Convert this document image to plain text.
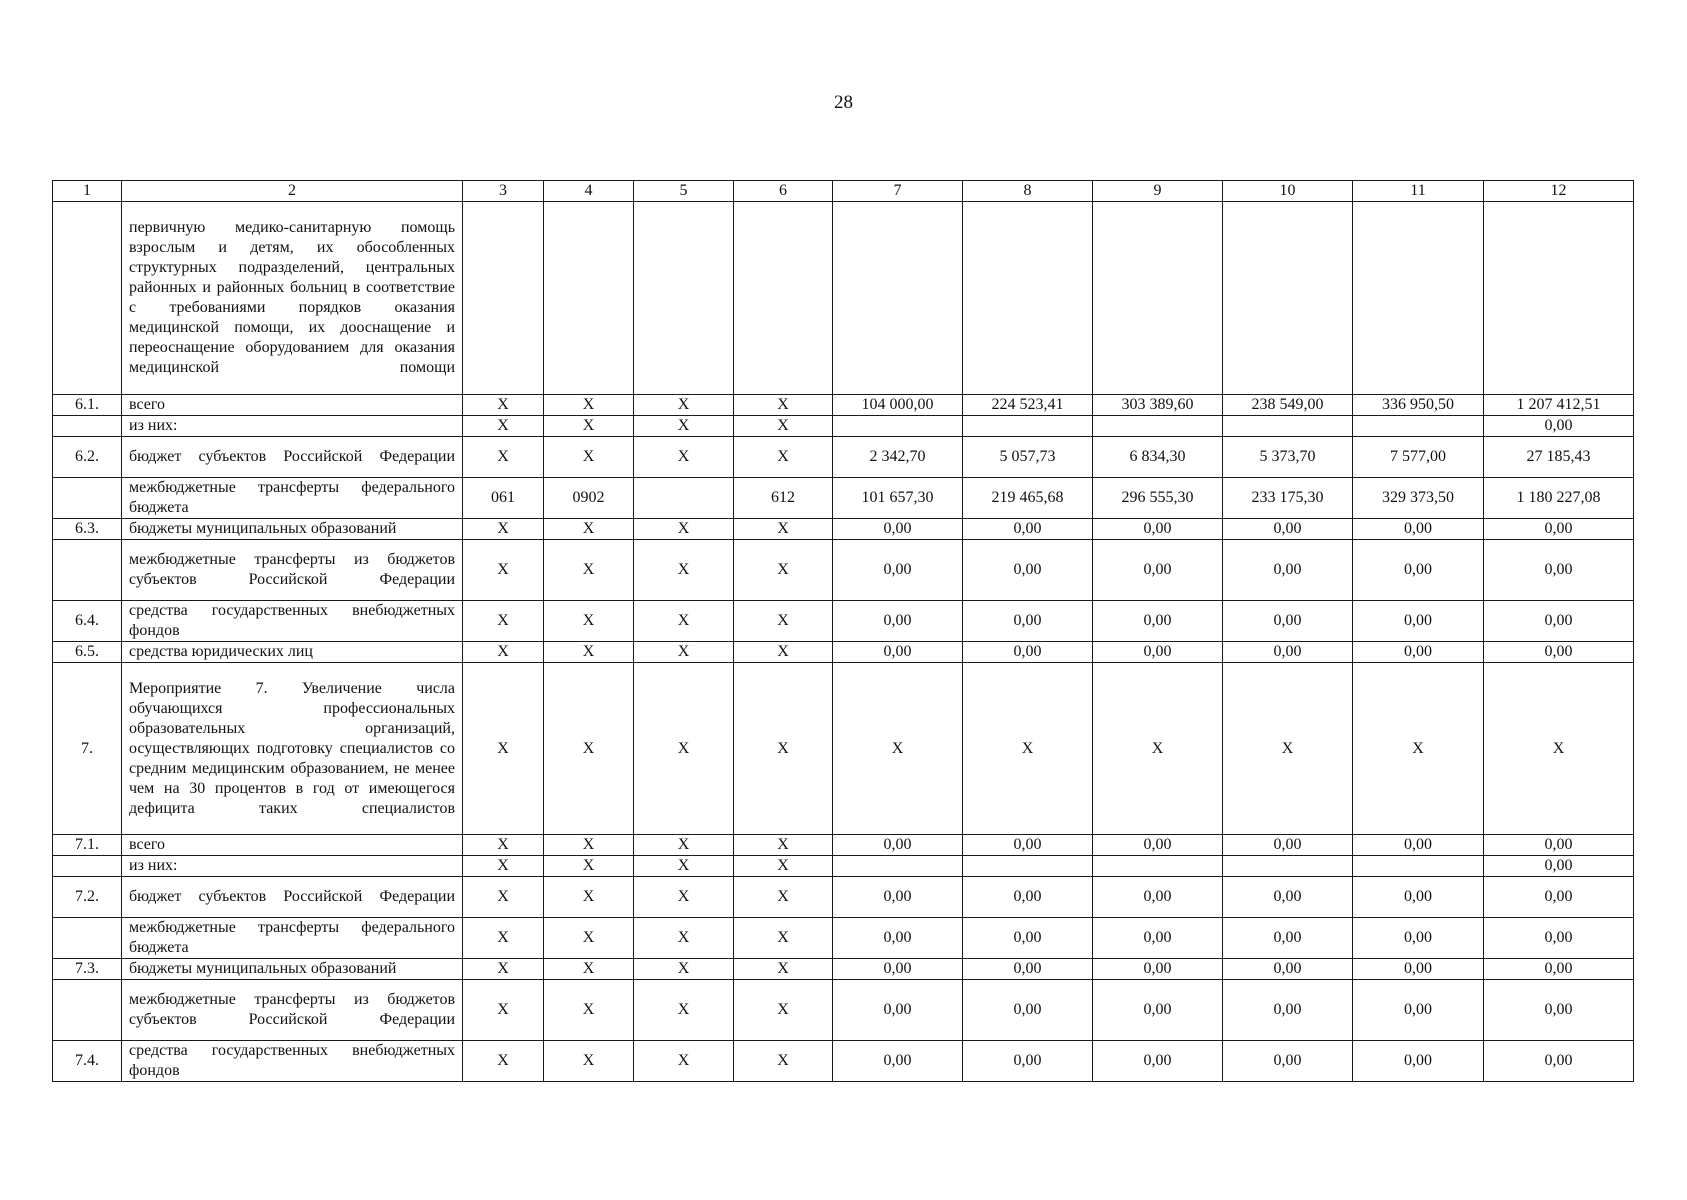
28
1	2	3	4	5	6	7	8	9	10	11	12
	первичную медико-санитарную помощь взрослым и детям, их обособленных структурных подразделений, центральных районных и районных больниц в соответствие с требованиями порядков оказания медицинской помощи, их дооснащение и переоснащение оборудованием для оказания медицинской помощи										
6.1.	всего	X	X	X	X	104 000,00	224 523,41	303 389,60	238 549,00	336 950,50	1 207 412,51
	из них:	X	X	X	X						0,00
6.2.	бюджет субъектов Российской Федерации	X	X	X	X	2 342,70	5 057,73	6 834,30	5 373,70	7 577,00	27 185,43
	межбюджетные трансферты федерального бюджета	061	0902		612	101 657,30	219 465,68	296 555,30	233 175,30	329 373,50	1 180 227,08
6.3.	бюджеты муниципальных образований	X	X	X	X	0,00	0,00	0,00	0,00	0,00	0,00
	межбюджетные трансферты из бюджетов субъектов Российской Федерации	X	X	X	X	0,00	0,00	0,00	0,00	0,00	0,00
6.4.	средства государственных внебюджетных фондов	X	X	X	X	0,00	0,00	0,00	0,00	0,00	0,00
6.5.	средства юридических лиц	X	X	X	X	0,00	0,00	0,00	0,00	0,00	0,00
7.	Мероприятие 7. Увеличение числа обучающихся профессиональных образовательных организаций, осуществляющих подготовку специалистов со средним медицинским образованием, не менее чем на 30 процентов в год от имеющегося дефицита таких специалистов	X	X	X	X	X	X	X	X	X	X
7.1.	всего	X	X	X	X	0,00	0,00	0,00	0,00	0,00	0,00
	из них:	X	X	X	X						0,00
7.2.	бюджет субъектов Российской Федерации	X	X	X	X	0,00	0,00	0,00	0,00	0,00	0,00
	межбюджетные трансферты федерального бюджета	X	X	X	X	0,00	0,00	0,00	0,00	0,00	0,00
7.3.	бюджеты муниципальных образований	X	X	X	X	0,00	0,00	0,00	0,00	0,00	0,00
	межбюджетные трансферты из бюджетов субъектов Российской Федерации	X	X	X	X	0,00	0,00	0,00	0,00	0,00	0,00
7.4.	средства государственных внебюджетных фондов	X	X	X	X	0,00	0,00	0,00	0,00	0,00	0,00
